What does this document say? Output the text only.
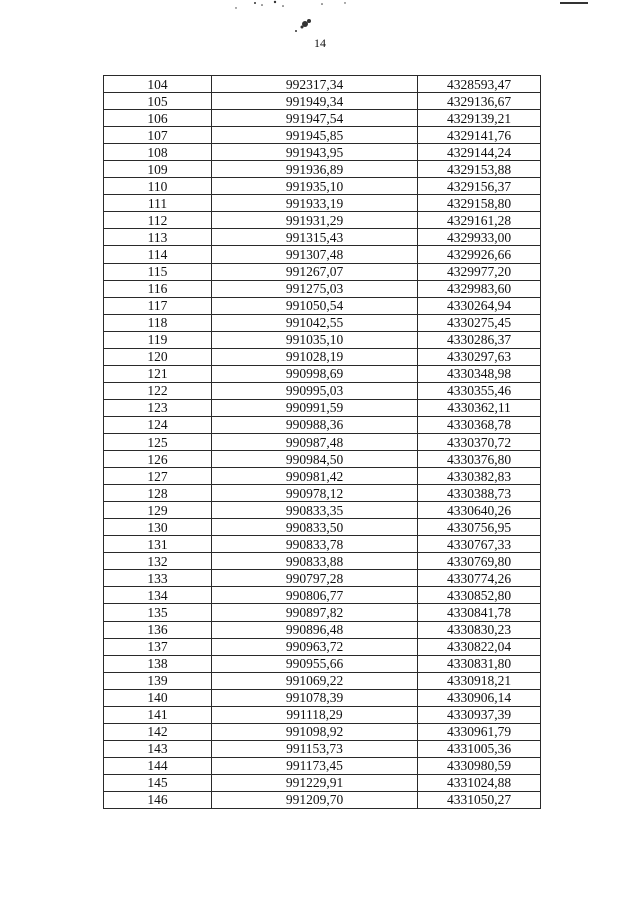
14
104	992317,34	4328593,47
105	991949,34	4329136,67
106	991947,54	4329139,21
107	991945,85	4329141,76
108	991943,95	4329144,24
109	991936,89	4329153,88
110	991935,10	4329156,37
111	991933,19	4329158,80
112	991931,29	4329161,28
113	991315,43	4329933,00
114	991307,48	4329926,66
115	991267,07	4329977,20
116	991275,03	4329983,60
117	991050,54	4330264,94
118	991042,55	4330275,45
119	991035,10	4330286,37
120	991028,19	4330297,63
121	990998,69	4330348,98
122	990995,03	4330355,46
123	990991,59	4330362,11
124	990988,36	4330368,78
125	990987,48	4330370,72
126	990984,50	4330376,80
127	990981,42	4330382,83
128	990978,12	4330388,73
129	990833,35	4330640,26
130	990833,50	4330756,95
131	990833,78	4330767,33
132	990833,88	4330769,80
133	990797,28	4330774,26
134	990806,77	4330852,80
135	990897,82	4330841,78
136	990896,48	4330830,23
137	990963,72	4330822,04
138	990955,66	4330831,80
139	991069,22	4330918,21
140	991078,39	4330906,14
141	991118,29	4330937,39
142	991098,92	4330961,79
143	991153,73	4331005,36
144	991173,45	4330980,59
145	991229,91	4331024,88
146	991209,70	4331050,27
